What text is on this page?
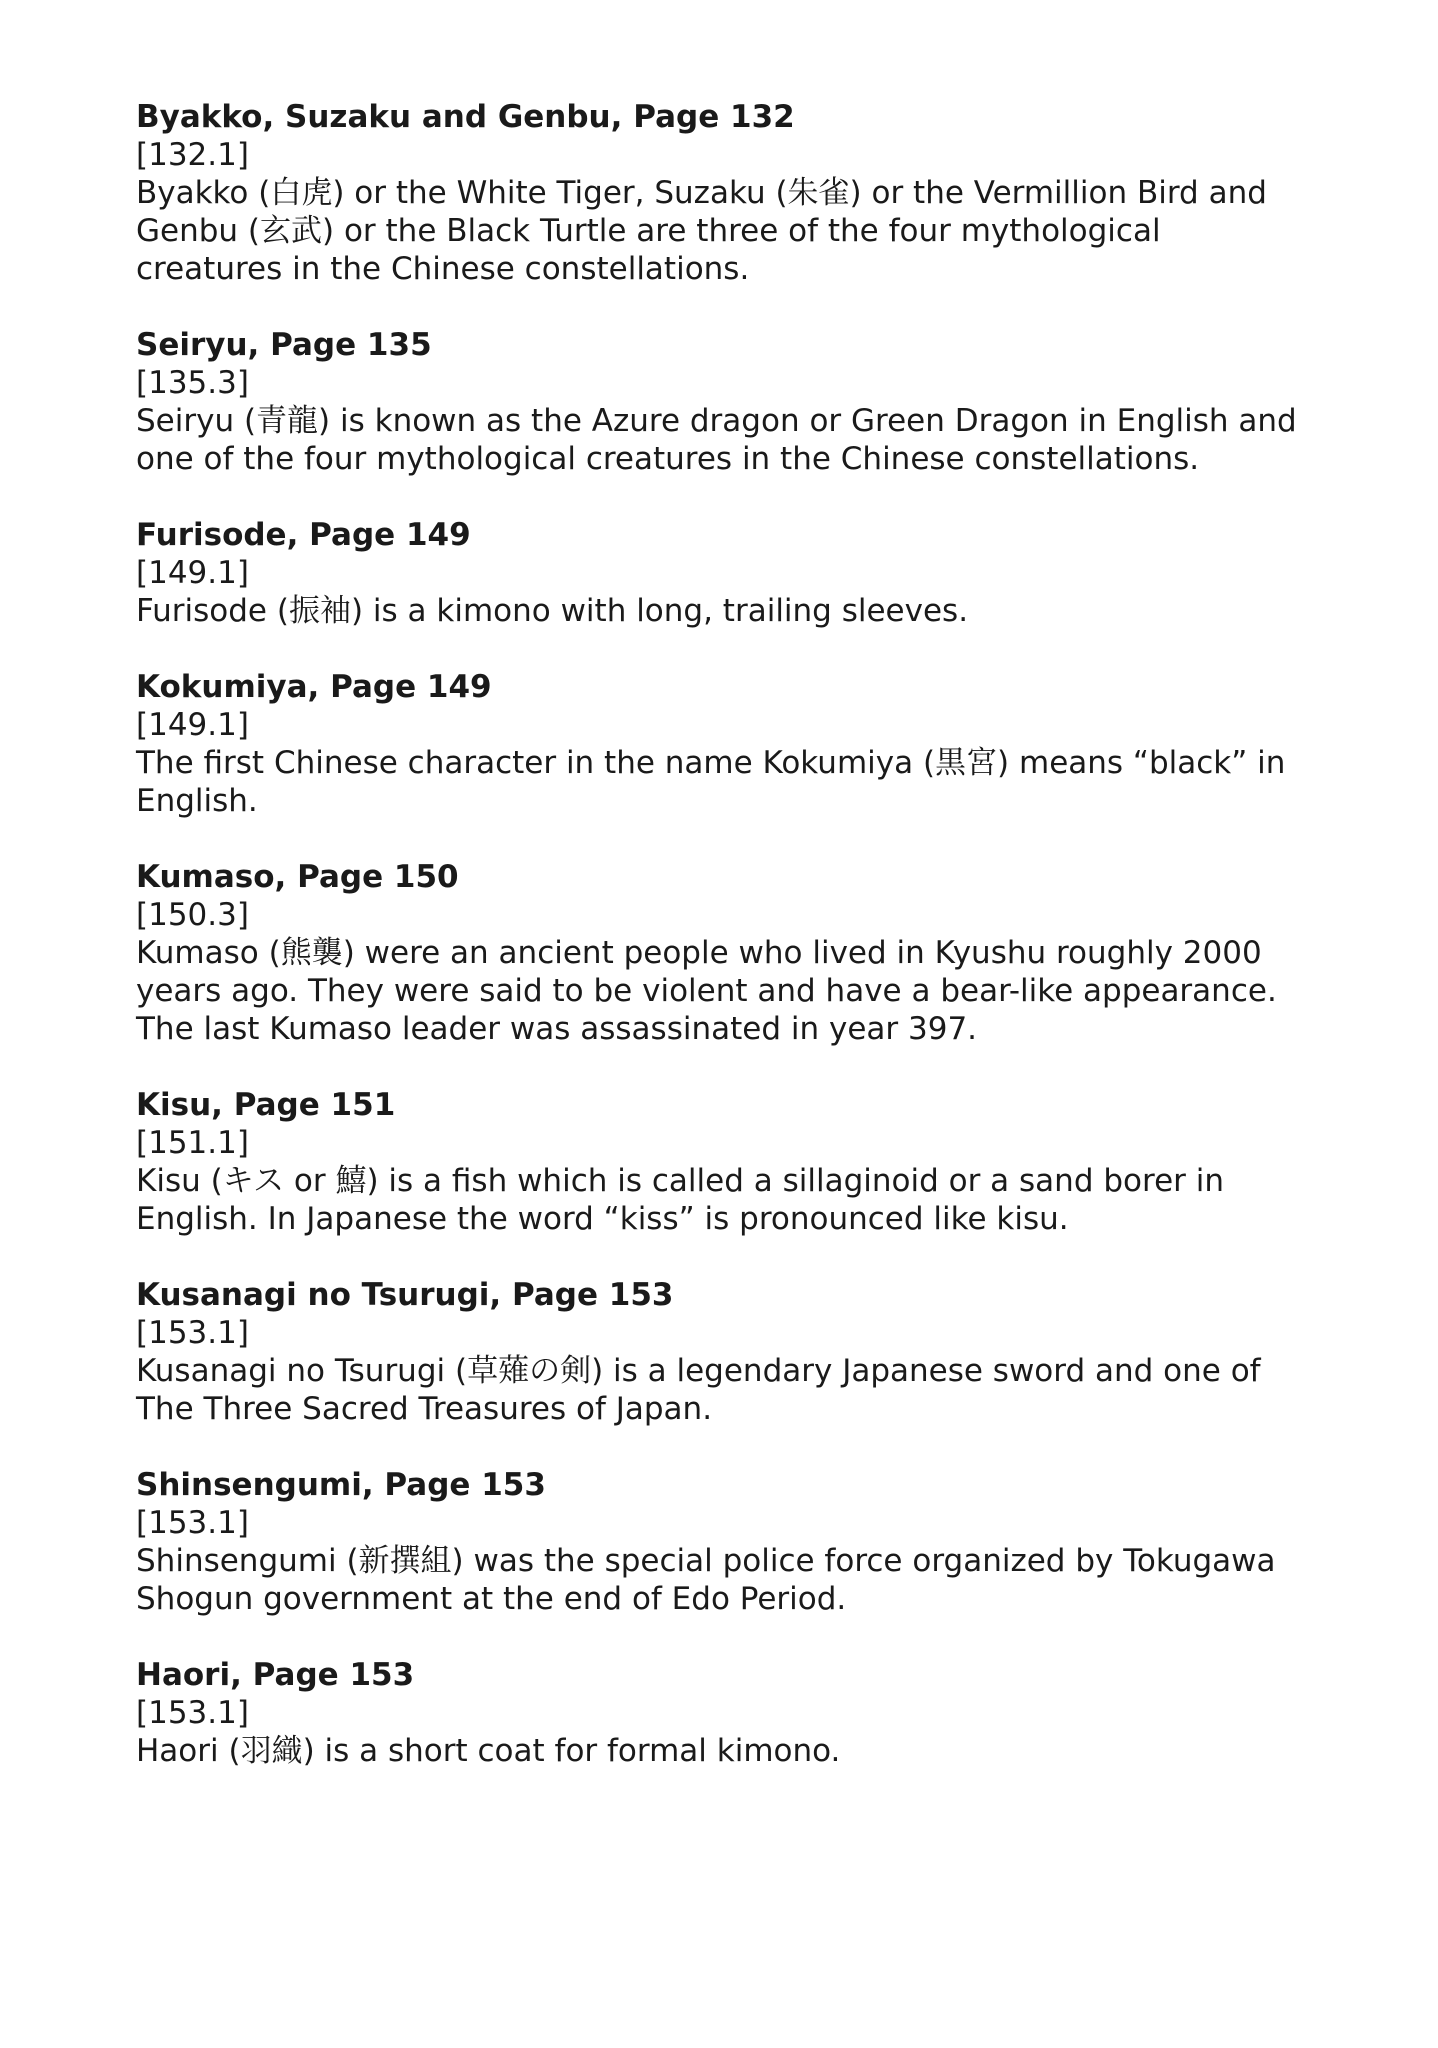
Byakko, Suzaku and Genbu, Page 132
[132.1]
Byakko (白虎) or the White Tiger, Suzaku (朱雀) or the Vermillion Bird and Genbu (玄武) or the Black Turtle are three of the four mythological creatures in the Chinese constellations.
Seiryu, Page 135
[135.3]
Seiryu (青龍) is known as the Azure dragon or Green Dragon in English and one of the four mythological creatures in the Chinese constellations.
Furisode, Page 149
[149.1]
Furisode (振袖) is a kimono with long, trailing sleeves.
Kokumiya, Page 149
[149.1]
The first Chinese character in the name Kokumiya (黒宮) means “black” in English.
Kumaso, Page 150
[150.3]
Kumaso (熊襲) were an ancient people who lived in Kyushu roughly 2000 years ago. They were said to be violent and have a bear-like appearance. The last Kumaso leader was assassinated in year 397.
Kisu, Page 151
[151.1]
Kisu (キス or 鱚) is a fish which is called a sillaginoid or a sand borer in English. In Japanese the word “kiss” is pronounced like kisu.
Kusanagi no Tsurugi, Page 153
[153.1]
Kusanagi no Tsurugi (草薙の剣) is a legendary Japanese sword and one of The Three Sacred Treasures of Japan.
Shinsengumi, Page 153
[153.1]
Shinsengumi (新撰組) was the special police force organized by Tokugawa Shogun government at the end of Edo Period.
Haori, Page 153
[153.1]
Haori (羽織) is a short coat for formal kimono.
